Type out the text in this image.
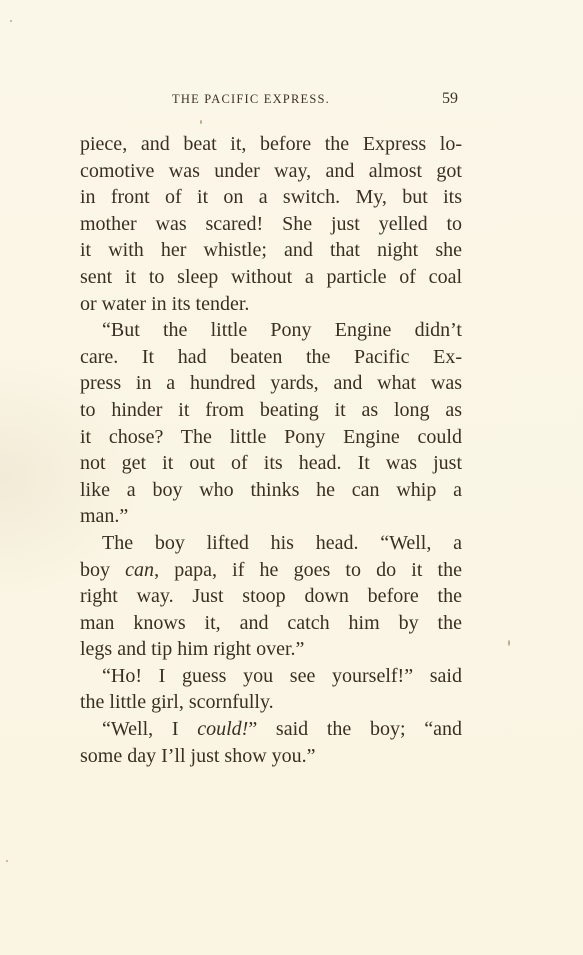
THE PACIFIC EXPRESS.	59
piece, and beat it, before the Express lo-
comotive was under way, and almost got
in front of it on a switch. My, but its
mother was scared! She just yelled to
it with her whistle; and that night she
sent it to sleep without a particle of coal
or water in its tender.
“But the little Pony Engine didn’t
care. It had beaten the Pacific Ex-
press in a hundred yards, and what was
to hinder it from beating it as long as
it chose? The little Pony Engine could
not get it out of its head. It was just
like a boy who thinks he can whip a
man.”
The boy lifted his head. “Well, a
boy can, papa, if he goes to do it the
right way. Just stoop down before the
man knows it, and catch him by the
legs and tip him right over.”
“Ho! I guess you see yourself!” said
the little girl, scornfully.
“Well, I could!” said the boy; “and
some day I’ll just show you.”
